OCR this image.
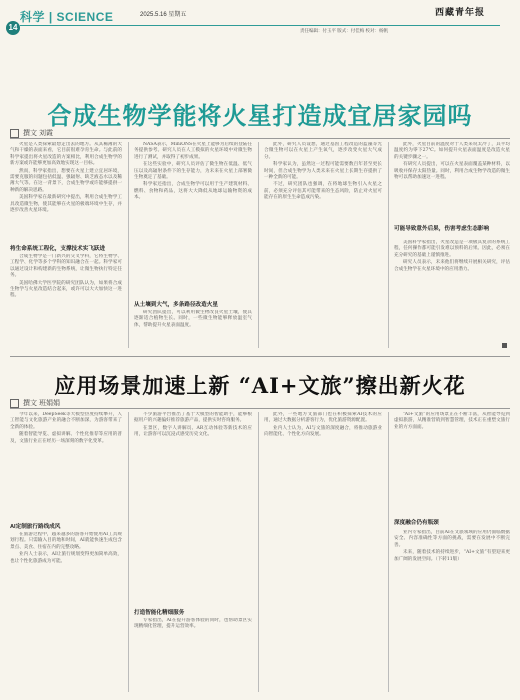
科学 | SCIENCE
14
2025.5.16 星期五	西藏青年报
责任编辑：付玉平 版式：付佳梅 校对：杨帆
合成生物学能将火星打造成宜居家园吗
撰文 刘霞

火星是人类探索最想走出去的地方。从其稀薄的大气和干燥的表面来看，它目前很难孕育生命。与此前的科学家提出将火星改造的方案相比，利用合成生物学的新方案或许能够更加高效地实现这一目标。

然而，科学家指出，想要在火星上建立宜居环境，需要克服的问题包括低温、强辐射、缺乏液态水以及稀薄大气等。在这一背景下，合成生物学或许能够提供一种新的解决思路。

美国科学家在最新研究中提出，利用合成生物学工具改造微生物，使其能够在火星的极端环境中生存，并逐步改善火星环境。

将生命系统工程化，支撑技术实飞跃进

合成生物学是一门新兴的交叉学科，它将生物学、工程学、化学等多个学科的知识融合在一起。科学家可以通过设计和构建新的生物系统，让微生物执行特定任务。

美国哈佛大学医学院的研究团队认为，如果将合成生物学与火星改造结合起来，或许可以大大加快这一进程。

NASA表示，MiniONS在火星上能够为后续的登陆任务提供参考。研究人员在人工模拟的火星环境中对微生物进行了测试，并取得了初步成果。

在这些实验中，研究人员评估了微生物在低温、低气压以及高辐射条件下的生存能力，为未来在火星上部署微生物奠定了基础。

科学家还指出，合成生物学可以用于生产建筑材料、燃料、食物和药品，这将大大降低从地球运输物资的成本。

从土壤到大气，多条路径改造火星

研究团队提出，可以利用微生物改良火星土壤，使其逐渐适合植物生长。同时，一些微生物能够释放温室气体，帮助提升火星表面温度。

此外，研究人员设想，通过基因工程改造的蓝藻等光合微生物可以在火星上产生氧气，逐步改变火星大气成分。

科学家认为，虽然这一过程可能需要数百年甚至更长时间，但合成生物学为人类未来在火星上长期生存提供了一种全新的可能。

不过，研究团队也强调，在将地球生物引入火星之前，必须充分评估其可能带来的生态风险，防止对火星可能存在的原生生命造成污染。

此外，火星目前的温度对于人类来说太冷了，其平均温度约为零下27℃。如何提升火星表面温度是改造火星的关键步骤之一。

有研究人员提出，可以在火星表面覆盖某种材料，以吸收并保存太阳热量。同时，利用合成生物学改造的微生物可以帮助加速这一进程。

可能导致意外后果，伤害考虑生态影响

美国科学家指出，火星改造是一项极其复杂的系统工程，任何操作都可能引发难以预料的后果。因此，必须在充分研究的基础上谨慎推进。

研究人员表示，未来他们将继续开展相关研究，评估合成生物学在火星环境中的应用潜力。

应用场景加速上新 “AI+文旅”擦出新火花
撰文 班娟娟

今年以来，DeepSeek等大模型热度持续攀升，人工智能与文化旅游产业的融合不断加深，为游客带来了全新的体验。

随着智能导览、虚拟讲解、个性化推荐等应用的普及，文旅行业正在经历一场深刻的数字化变革。

AI定制旅行路线成风

在旅游过程中，越来越多的游客开始使用AI工具规划行程。只需输入目的地和时间，AI就能快速生成包含景点、美食、住宿在内的完整攻略。

业内人士表示，AI让旅行规划变得更加简单高效，也让个性化旅游成为可能。

不少旅游平台推出了基于大模型的智能助手，能够根据用户的兴趣偏好推荐旅游产品，提供实时咨询服务。

在景区，数字人讲解员、AR互动体验等新技术的应用，让游客可以沉浸式感受历史文化。

打造智能化精细服务

专家指出，AI在提升游客体验的同时，也帮助景区实现精细化管理，提升运营效率。

此外，一些地方文旅部门也在积极探索AI技术的应用，通过大数据分析游客行为，优化旅游资源配置。

业内人士认为，AI与文旅的深度融合，将推动旅游业向智能化、个性化方向发展。

“AI+文旅”的应用场景正在不断丰富，从智能导览到虚拟旅游，从精准营销到智慧管理，技术正在重塑文旅行业的方方面面。

深度融合仍有瓶颈

业内专家指出，目前AI在文旅领域的应用仍面临数据安全、内容准确性等方面的挑战，需要在发展中不断完善。

未来，随着技术的持续进步，“AI+文旅”有望迎来更加广阔的发展空间。（下转11版）
